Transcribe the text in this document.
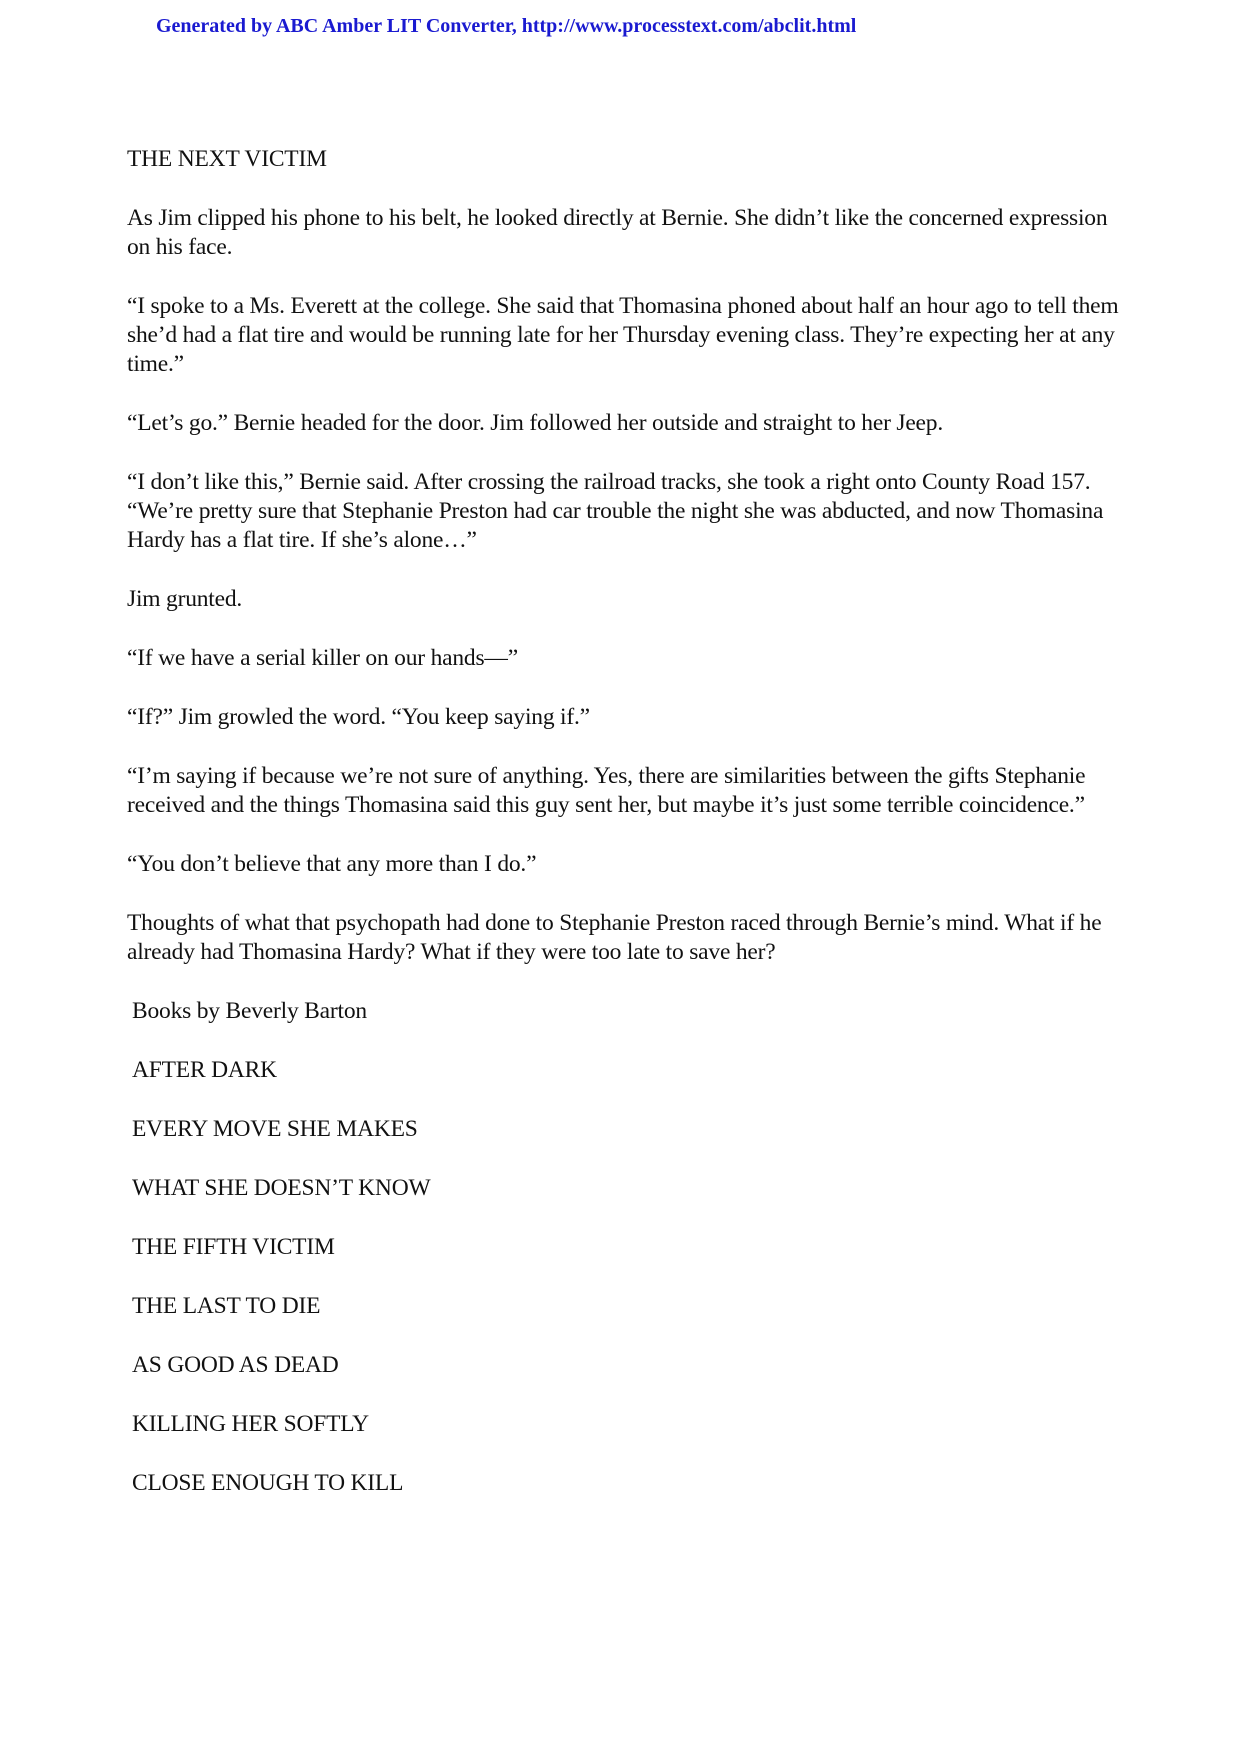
Generated by ABC Amber LIT Converter, http://www.processtext.com/abclit.html

THE NEXT VICTIM

As Jim clipped his phone to his belt, he looked directly at Bernie. She didn’t like the concerned expression on his face.

“I spoke to a Ms. Everett at the college. She said that Thomasina phoned about half an hour ago to tell them she’d had a flat tire and would be running late for her Thursday evening class. They’re expecting her at any time.”

“Let’s go.” Bernie headed for the door. Jim followed her outside and straight to her Jeep.

“I don’t like this,” Bernie said. After crossing the railroad tracks, she took a right onto County Road 157. “We’re pretty sure that Stephanie Preston had car trouble the night she was abducted, and now Thomasina Hardy has a flat tire. If she’s alone…”

Jim grunted.

“If we have a serial killer on our hands—”

“If?” Jim growled the word. “You keep saying if.”

“I’m saying if because we’re not sure of anything. Yes, there are similarities between the gifts Stephanie received and the things Thomasina said this guy sent her, but maybe it’s just some terrible coincidence.”

“You don’t believe that any more than I do.”

Thoughts of what that psychopath had done to Stephanie Preston raced through Bernie’s mind. What if he already had Thomasina Hardy? What if they were too late to save her?

Books by Beverly Barton

AFTER DARK

EVERY MOVE SHE MAKES

WHAT SHE DOESN’T KNOW

THE FIFTH VICTIM

THE LAST TO DIE

AS GOOD AS DEAD

KILLING HER SOFTLY

CLOSE ENOUGH TO KILL
